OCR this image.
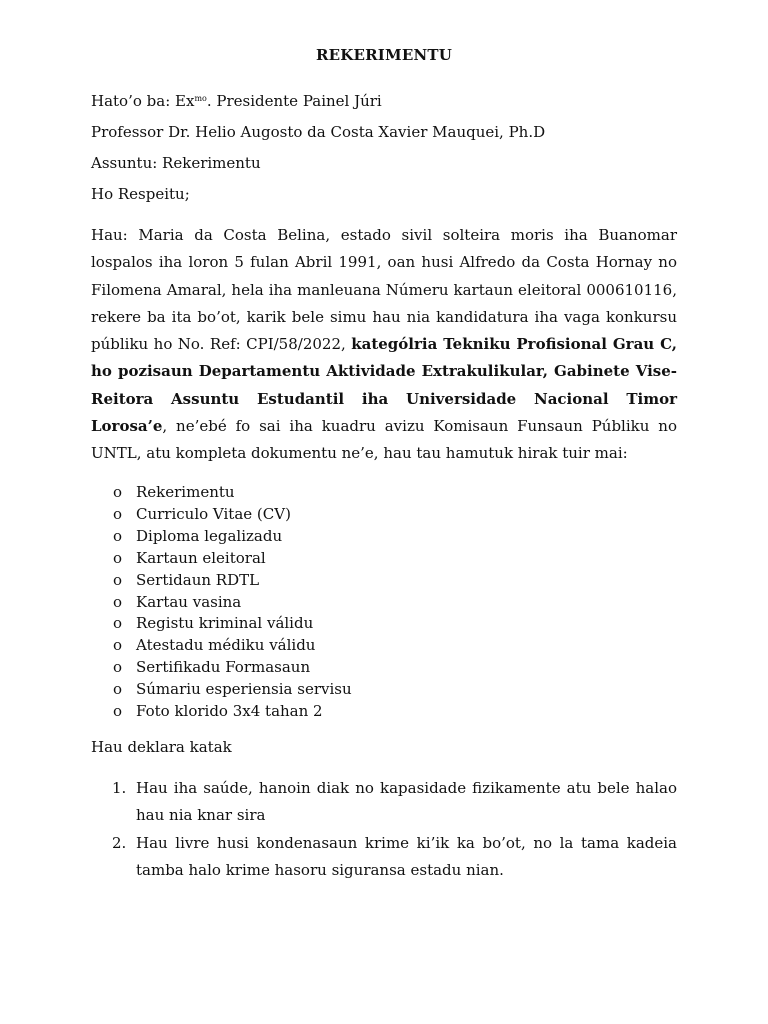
REKERIMENTU
Hato’o ba: $Ex^{mo}$. Presidente Painel Júri
Professor Dr. Helio Augosto da Costa Xavier Mauquei, Ph.D
Assuntu: Rekerimentu
Ho Respeitu;
Hau: Maria da Costa Belina, estado sivil solteira moris iha Buanomar lospalos iha loron 5 fulan Abril 1991, oan husi Alfredo da Costa Hornay no Filomena Amaral, hela iha manleuana Númeru kartaun eleitoral 000610116, rekere ba ita bo’ot, karik bele simu hau nia kandidatura iha vaga konkursu públiku ho No. Ref: CPI/58/2022, katególria Tekniku Profisional Grau C, ho pozisaun Departamentu Aktividade Extrakulikular, Gabinete Vise-Reitora Assuntu Estudantil iha Universidade Nacional Timor Lorosa’e, ne’ebé fo sai iha kuadru avizu Komisaun Funsaun Públiku no UNTL, atu kompleta dokumentu ne’e, hau tau hamutuk hirak tuir mai:
o Rekerimentu
o Curriculo Vitae (CV)
o Diploma legalizadu
o Kartaun eleitoral
o Sertidaun RDTL
o Kartau vasina
o Registu kriminal válidu
o Atestadu médiku válidu
o Sertifikadu Formasaun
o Súmariu esperiensia servisu
o Foto klorido 3x4 tahan 2
Hau deklara katak
1. Hau iha saúde, hanoin diak no kapasidade fizikamente atu bele halao hau nia knar sira
2. Hau livre husi kondenasaun krime ki’ik ka bo’ot, no la tama kadeia tamba halo krime hasoru siguransa estadu nian.
